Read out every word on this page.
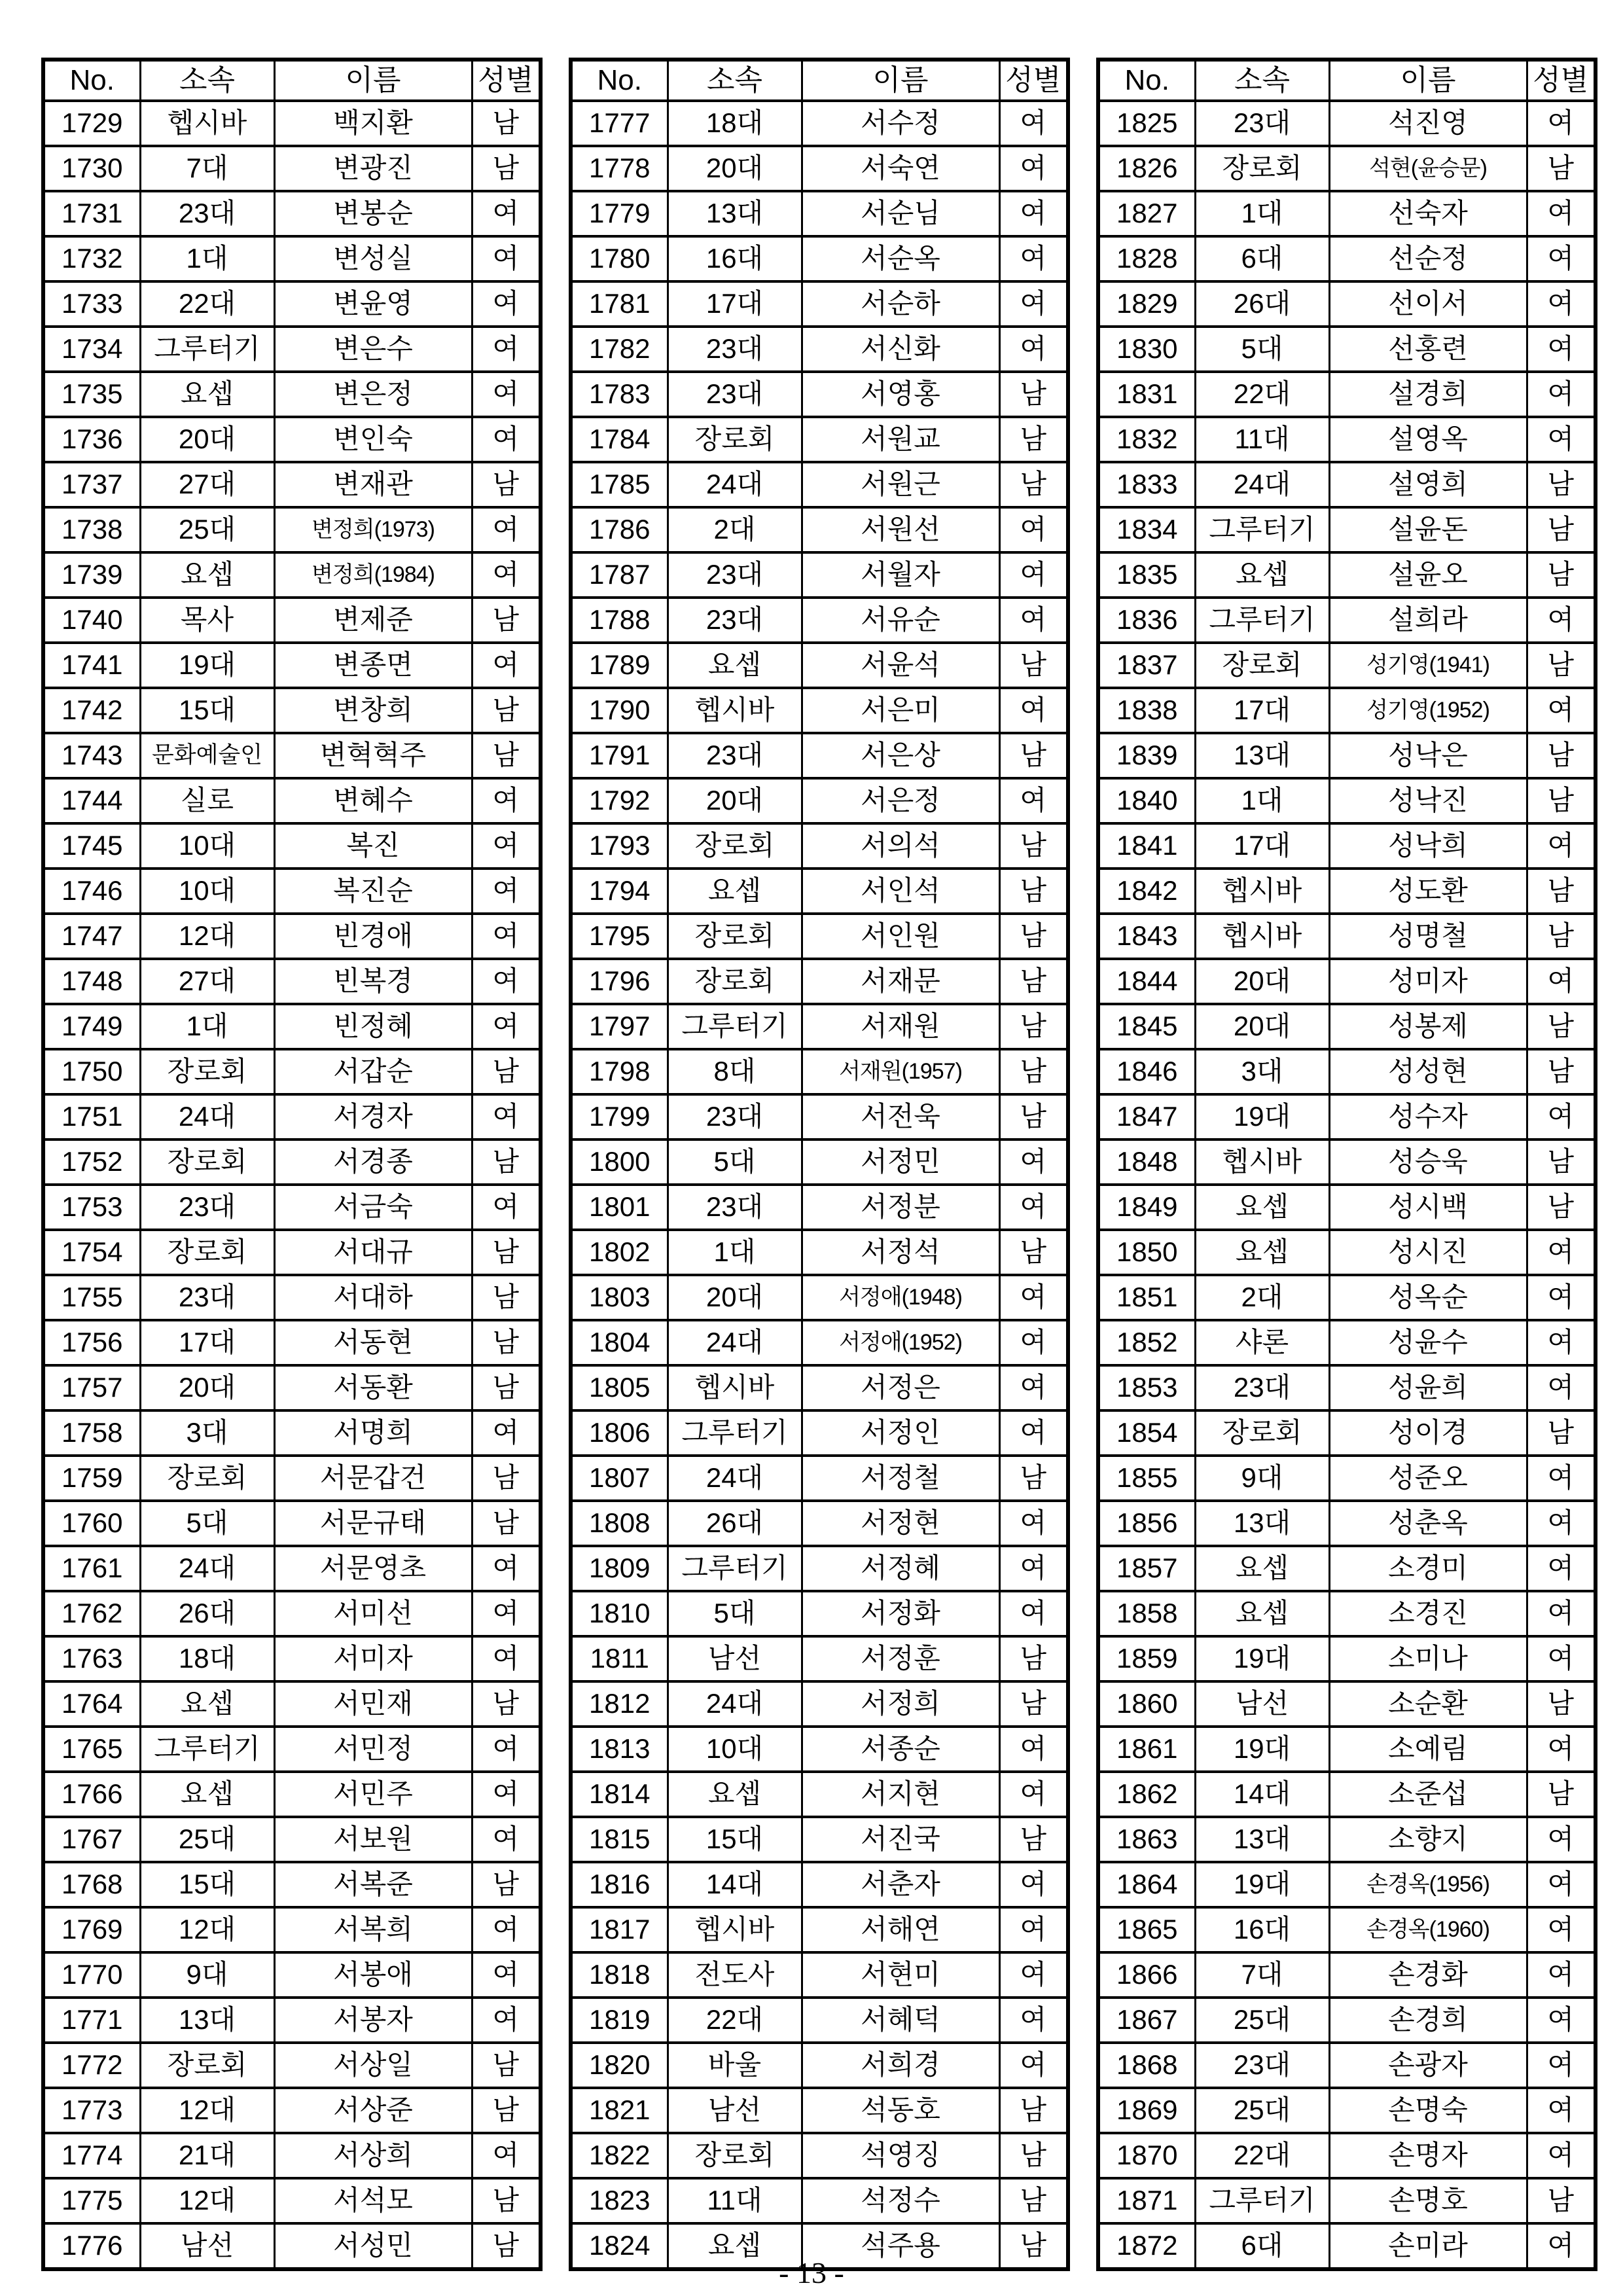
No.	소속	이름	성별
1729	헵시바	백지환	남
1730	7대	변광진	남
1731	23대	변봉순	여
1732	1대	변성실	여
1733	22대	변윤영	여
1734	그루터기	변은수	여
1735	요셉	변은정	여
1736	20대	변인숙	여
1737	27대	변재관	남
1738	25대	변정희(1973)	여
1739	요셉	변정희(1984)	여
1740	목사	변제준	남
1741	19대	변종면	여
1742	15대	변창희	남
1743	문화예술인	변혁혁주	남
1744	실로	변혜수	여
1745	10대	복진	여
1746	10대	복진순	여
1747	12대	빈경애	여
1748	27대	빈복경	여
1749	1대	빈정혜	여
1750	장로회	서갑순	남
1751	24대	서경자	여
1752	장로회	서경종	남
1753	23대	서금숙	여
1754	장로회	서대규	남
1755	23대	서대하	남
1756	17대	서동현	남
1757	20대	서동환	남
1758	3대	서명희	여
1759	장로회	서문갑건	남
1760	5대	서문규태	남
1761	24대	서문영초	여
1762	26대	서미선	여
1763	18대	서미자	여
1764	요셉	서민재	남
1765	그루터기	서민정	여
1766	요셉	서민주	여
1767	25대	서보원	여
1768	15대	서복준	남
1769	12대	서복희	여
1770	9대	서봉애	여
1771	13대	서봉자	여
1772	장로회	서상일	남
1773	12대	서상준	남
1774	21대	서상희	여
1775	12대	서석모	남
1776	남선	서성민	남
No.	소속	이름	성별
1777	18대	서수정	여
1778	20대	서숙연	여
1779	13대	서순님	여
1780	16대	서순옥	여
1781	17대	서순하	여
1782	23대	서신화	여
1783	23대	서영홍	남
1784	장로회	서원교	남
1785	24대	서원근	남
1786	2대	서원선	여
1787	23대	서월자	여
1788	23대	서유순	여
1789	요셉	서윤석	남
1790	헵시바	서은미	여
1791	23대	서은상	남
1792	20대	서은정	여
1793	장로회	서의석	남
1794	요셉	서인석	남
1795	장로회	서인원	남
1796	장로회	서재문	남
1797	그루터기	서재원	남
1798	8대	서재원(1957)	남
1799	23대	서전욱	남
1800	5대	서정민	여
1801	23대	서정분	여
1802	1대	서정석	남
1803	20대	서정애(1948)	여
1804	24대	서정애(1952)	여
1805	헵시바	서정은	여
1806	그루터기	서정인	여
1807	24대	서정철	남
1808	26대	서정현	여
1809	그루터기	서정혜	여
1810	5대	서정화	여
1811	남선	서정훈	남
1812	24대	서정희	남
1813	10대	서종순	여
1814	요셉	서지현	여
1815	15대	서진국	남
1816	14대	서춘자	여
1817	헵시바	서해연	여
1818	전도사	서현미	여
1819	22대	서혜덕	여
1820	바울	서희경	여
1821	남선	석동호	남
1822	장로회	석영징	남
1823	11대	석정수	남
1824	요셉	석주용	남
No.	소속	이름	성별
1825	23대	석진영	여
1826	장로회	석현(윤승문)	남
1827	1대	선숙자	여
1828	6대	선순정	여
1829	26대	선이서	여
1830	5대	선홍련	여
1831	22대	설경희	여
1832	11대	설영옥	여
1833	24대	설영희	남
1834	그루터기	설윤돈	남
1835	요셉	설윤오	남
1836	그루터기	설희라	여
1837	장로회	성기영(1941)	남
1838	17대	성기영(1952)	여
1839	13대	성낙은	남
1840	1대	성낙진	남
1841	17대	성낙희	여
1842	헵시바	성도환	남
1843	헵시바	성명철	남
1844	20대	성미자	여
1845	20대	성봉제	남
1846	3대	성성현	남
1847	19대	성수자	여
1848	헵시바	성승욱	남
1849	요셉	성시백	남
1850	요셉	성시진	여
1851	2대	성옥순	여
1852	샤론	성윤수	여
1853	23대	성윤희	여
1854	장로회	성이경	남
1855	9대	성준오	여
1856	13대	성춘옥	여
1857	요셉	소경미	여
1858	요셉	소경진	여
1859	19대	소미나	여
1860	남선	소순환	남
1861	19대	소예림	여
1862	14대	소준섭	남
1863	13대	소향지	여
1864	19대	손경옥(1956)	여
1865	16대	손경옥(1960)	여
1866	7대	손경화	여
1867	25대	손경희	여
1868	23대	손광자	여
1869	25대	손명숙	여
1870	22대	손명자	여
1871	그루터기	손명호	남
1872	6대	손미라	여
- 13 -
